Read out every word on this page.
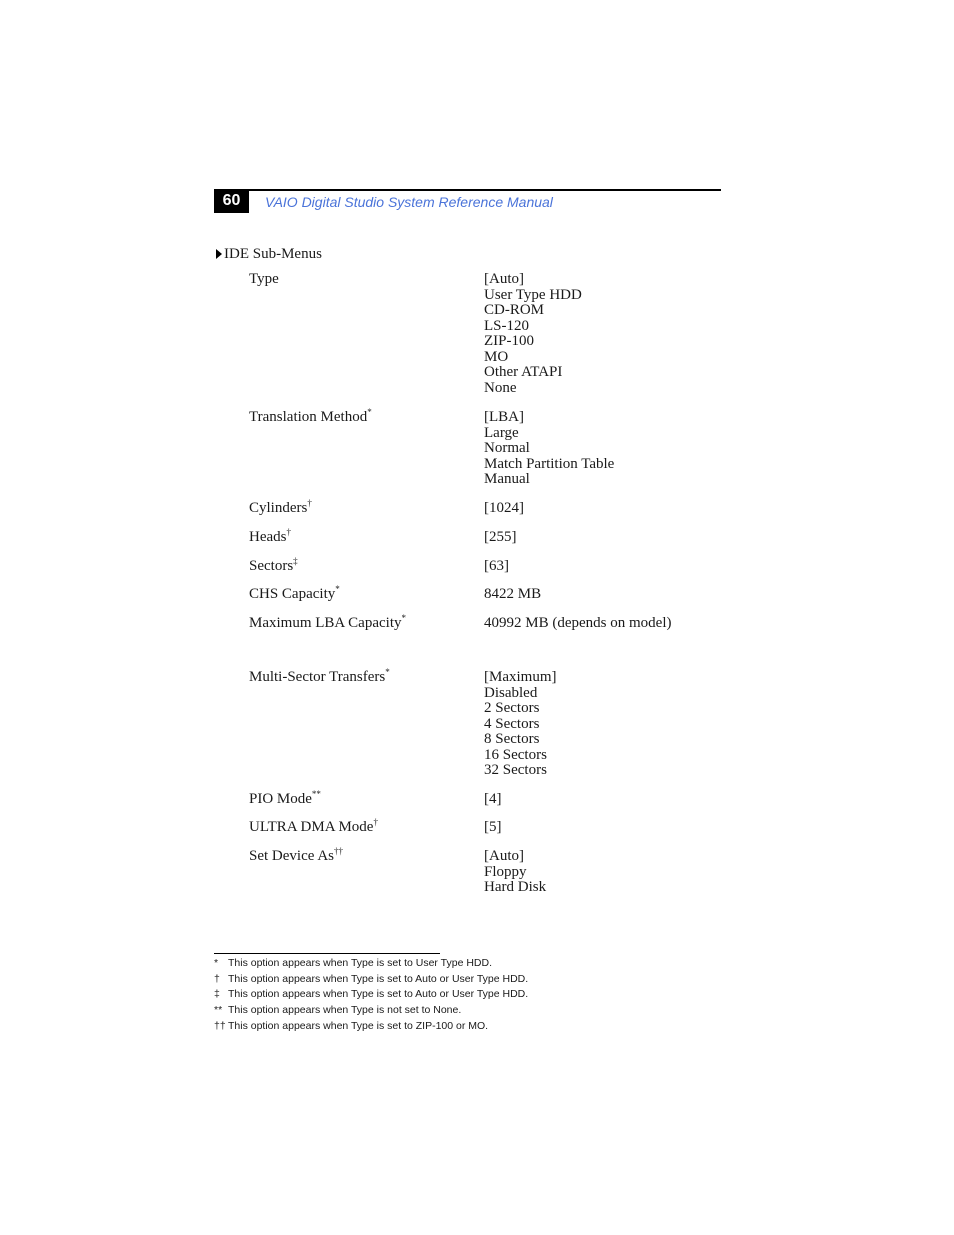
60	VAIO Digital Studio System Reference Manual
IDE Sub-Menus
Type	[Auto]
User Type HDD
CD-ROM
LS-120
ZIP-100
MO
Other ATAPI
None
Translation Method*	[LBA]
Large
Normal
Match Partition Table
Manual
Cylinders†	[1024]
Heads†	[255]
Sectors‡	[63]
CHS Capacity*	8422 MB
Maximum LBA Capacity*	40992 MB (depends on model)
Multi-Sector Transfers*	[Maximum]
Disabled
2 Sectors
4 Sectors
8 Sectors
16 Sectors
32 Sectors
PIO Mode**	[4]
ULTRA DMA Mode†	[5]
Set Device As††	[Auto]
Floppy
Hard Disk
* This option appears when Type is set to User Type HDD.
† This option appears when Type is set to Auto or User Type HDD.
‡ This option appears when Type is set to Auto or User Type HDD.
** This option appears when Type is not set to None.
†† This option appears when Type is set to ZIP-100 or MO.
